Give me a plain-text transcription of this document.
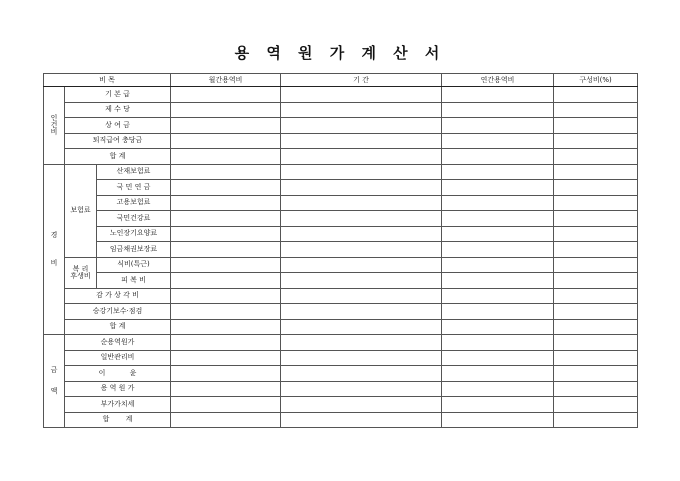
용 역 원 가 계 산 서
비 목			월간용역비	기 간	연간용역비	구성비(%)
인
건
비	기 본 급					
	제 수 당					
	상 여 금					
	퇴직급여 충당금					
	합 계					
경

비	보험료	산재보험료				
		국 민 연 금				
		고용보험료				
		국민건강료				
		노인장기요양료				
		임금채권보장료				
	복 리
후생비	식비(특근)				
		피 복 비				
	감 가 상 각 비					
	승강기보수·점검					
	합 계					
금

액	순용역원가					
	일반관리비					
	이 윤					
	용 역 원 가					
	부가가치세					
	합 계					
